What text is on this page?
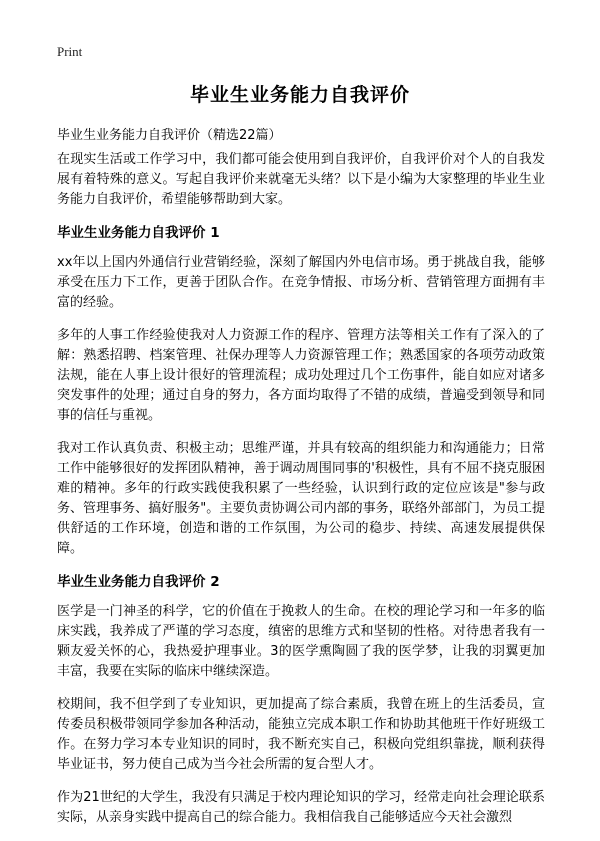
Print
毕业生业务能力自我评价
毕业生业务能力自我评价（精选22篇）

在现实生活或工作学习中，我们都可能会使用到自我评价，自我评价对个人的自我发展有着特殊的意义。写起自我评价来就毫无头绪？以下是小编为大家整理的毕业生业务能力自我评价，希望能够帮助到大家。

毕业生业务能力自我评价 1

xx年以上国内外通信行业营销经验，深刻了解国内外电信市场。勇于挑战自我，能够承受在压力下工作，更善于团队合作。在竞争情报、市场分析、营销管理方面拥有丰富的经验。

多年的人事工作经验使我对人力资源工作的程序、管理方法等相关工作有了深入的了解：熟悉招聘、档案管理、社保办理等人力资源管理工作；熟悉国家的各项劳动政策法规，能在人事上设计很好的管理流程；成功处理过几个工伤事件，能自如应对诸多突发事件的处理；通过自身的努力，各方面均取得了不错的成绩，普遍受到领导和同事的信任与重视。

我对工作认真负责、积极主动；思维严谨，并具有较高的组织能力和沟通能力；日常工作中能够很好的发挥团队精神，善于调动周围同事的'积极性，具有不屈不挠克服困难的精神。多年的行政实践使我积累了一些经验，认识到行政的定位应该是"参与政务、管理事务、搞好服务"。主要负责协调公司内部的事务，联络外部部门，为员工提供舒适的工作环境，创造和谐的工作氛围，为公司的稳步、持续、高速发展提供保障。

毕业生业务能力自我评价 2

医学是一门神圣的科学，它的价值在于挽救人的生命。在校的理论学习和一年多的临床实践，我养成了严谨的学习态度，缜密的思维方式和坚韧的性格。对待患者我有一颗友爱关怀的心，我热爱护理事业。3的医学熏陶圆了我的医学梦，让我的羽翼更加丰富，我要在实际的临床中继续深造。

校期间，我不但学到了专业知识，更加提高了综合素质，我曾在班上的生活委员，宣传委员积极带领同学参加各种活动，能独立完成本职工作和协助其他班干作好班级工作。在努力学习本专业知识的同时，我不断充实自己，积极向党组织靠拢，顺利获得毕业证书，努力使自己成为当今社会所需的复合型人才。

作为21世纪的大学生，我没有只满足于校内理论知识的学习，经常走向社会理论联系实际，从亲身实践中提高自己的综合能力。我相信我自己能够适应今天社会激烈
